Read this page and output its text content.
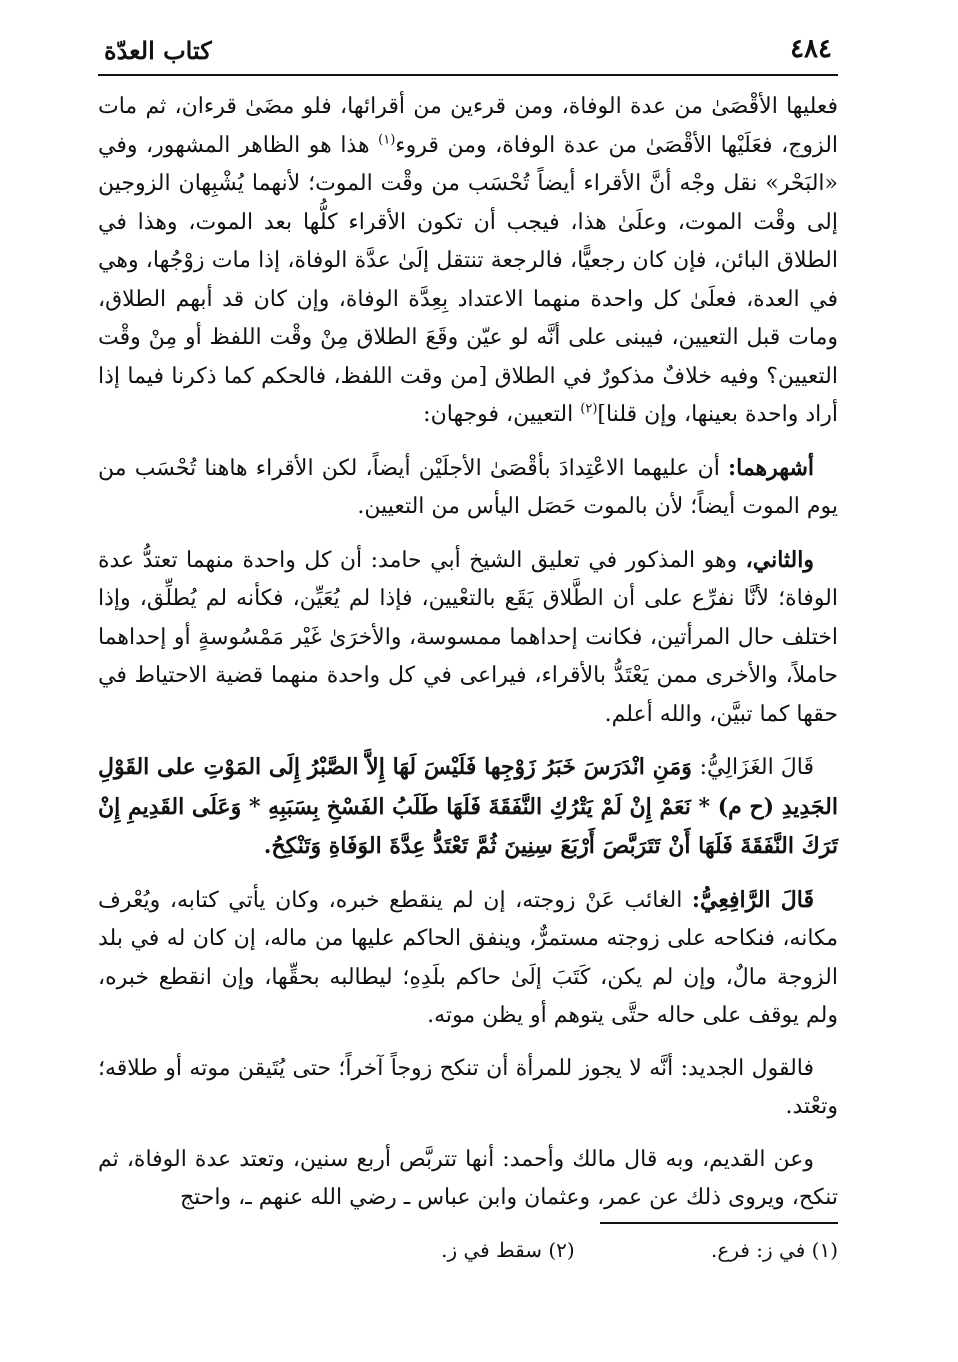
٤٨٤
كتاب العدّة

فعليها الأقْصَىٰ من عدة الوفاة، ومن قرءين من أقرائها، فلو مضَىٰ قرءان، ثم مات الزوج، فعَلَيْها الأقْصَىٰ من عدة الوفاة، ومن قروء$^{(١)}$ هذا هو الظاهر المشهور، وفي «البَحْر» نقل وجْه أنَّ الأقراء أيضاً تُحْسَب من وقْت الموت؛ لأنهما يُشْبِهان الزوجين إلى وقْت الموت، وعلَىٰ هذا، فيجب أن تكون الأقراء كلُّها بعد الموت، وهذا في الطلاق البائن، فإن كان رجعيًّا، فالرجعة تنتقل إلَىٰ عدَّة الوفاة، إذا مات زوْجُها، وهي في العدة، فعلَىٰ كل واحدة منهما الاعتداد بِعِدَّة الوفاة، وإن كان قد أبهم الطلاق، ومات قبل التعيين، فيبنى على أنَّه لو عيّن وقَعَ الطلاق مِنْ وقْت اللفظ أو مِنْ وقْت التعيين؟ وفيه خلافٌ مذكورٌ في الطلاق [من وقت اللفظ، فالحكم كما ذكرنا فيما إذا أراد واحدة بعينها، وإن قلنا]$^{(٢)}$ التعيين، فوجهان:

أشهرهما: أن عليهما الاعْتِدادَ بأقْصَىٰ الأجلَيْن أيضاً، لكن الأقراء هاهنا تُحْسَب من يوم الموت أيضاً؛ لأن بالموت حَصَل اليأس من التعيين.

والثاني، وهو المذكور في تعليق الشيخ أبي حامد: أن كل واحدة منهما تعتدُّ عدة الوفاة؛ لأنَّا نفرِّع على أن الطَّلاق يَقَع بالتعْيين، فإذا لم يُعَيِّن، فكأنه لم يُطلِّق، وإذا اختلف حال المرأتين، فكانت إحداهما ممسوسة، والأخرَىٰ غَيْر مَمْسُوسةٍ أو إحداهما حاملاً، والأخرى ممن يَعْتَدُّ بالأقراء، فيراعى في كل واحدة منهما قضية الاحتياط في حقها كما تبيَّن، والله أعلم.

قَالَ الغَزَالِيُّ: وَمَنِ انْدَرَسَ خَبَرُ زَوْجِها فَلَيْسَ لَهَا إِلاَّ الصَّبْرُ إِلَى المَوْتِ على القَوْلِ الجَدِيدِ (ح م) * نَعَمْ إِنْ لَمْ يَتْرُكِ النَّفَقَةَ فَلَهَا طَلَبُ الفَسْخِ بِسَبَبِهِ * وَعَلَى القَدِيمِ إِنْ تَرَكَ النَّفَقَةَ فَلَهَا أَنْ تَتَرَبَّصَ أَرْبَعَ سِنِينَ ثُمَّ تَعْتَدُّ عِدَّةَ الوَفَاةِ وَتَنْكِحُ.

قَالَ الرَّافِعِيُّ: الغائب عَنْ زوجته، إن لم ينقطع خبره، وكان يأتي كتابه، ويُعْرف مكانه، فنكاحه على زوجته مستمرٌّ، وينفق الحاكم عليها من ماله، إن كان له في بلد الزوجة مالٌ، وإن لم يكن، كَتَبَ إلَىٰ حاكم بلَدِهِ؛ ليطالبه بحقِّها، وإن انقطع خبره، ولم يوقف على حاله حتَّى يتوهم أو يظن موته.

فالقول الجديد: أنَّه لا يجوز للمرأة أن تنكح زوجاً آخراً؛ حتى يُتَيقن موته أو طلاقه؛ وتعْتد.

وعن القديم، وبه قال مالك وأحمد: أنها تتربَّص أربع سنين، وتعتد عدة الوفاة، ثم تنكح، ويروى ذلك عن عمر، وعثمان وابن عباس ـ رضي الله عنهم ـ، واحتج

(١) في ز: فرع. (٢) سقط في ز.
